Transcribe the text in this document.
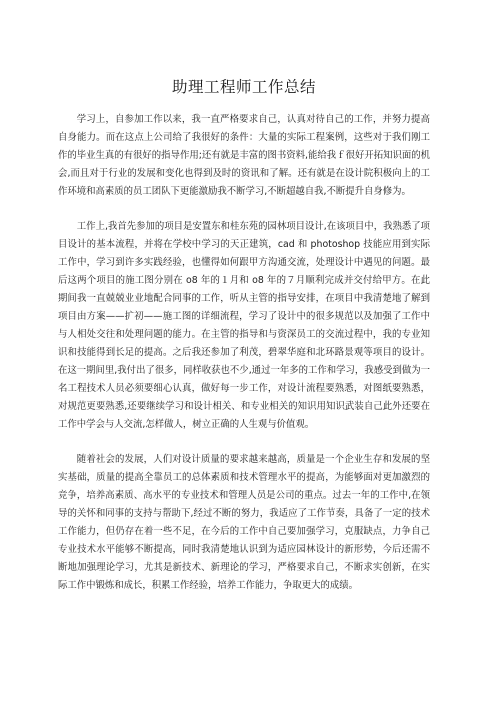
助理工程师工作总结

学习上，自参加工作以来，我一直严格要求自己，认真对待自己的工作，并努力提高自身能力。而在这点上公司给了我很好的条件：大量的实际工程案例，这些对于我们刚工作的毕业生真的有很好的指导作用;还有就是丰富的图书资料,能给我ｆ很好开拓知识面的机会,而且对于行业的发展和变化也得到及时的资讯和了解。还有就是在设计院积极向上的工作环境和高素质的员工团队下更能激励我不断学习,不断超越自我,不断提升自身修为。

工作上,我首先参加的项目是安置东和桂东苑的园林项目设计,在该项目中，我熟悉了项目设计的基本流程，并将在学校中学习的天正建筑，cad 和 photoshop 技能应用到实际工作中，学习到许多实践经验，也懂得如何跟甲方沟通交流，处理设计中遇见的问题。最后这两个项目的施工图分别在 o8 年的１月和 o8 年的７月顺利完成并交付给甲方。在此期间我一直兢兢业业地配合同事的工作，听从主管的指导安排，在项目中我清楚地了解到项目由方案——扩初——施工图的详细流程，学习了设计中的很多规范以及加强了工作中与人相处交往和处理问题的能力。在主管的指导和与资深员工的交流过程中，我的专业知识和技能得到长足的提高。之后我还参加了利茂，碧翠华庭和北环路景观等项目的设计。在这一期间里,我付出了很多，同样收获也不少,通过一年多的工作和学习，我感受到做为一名工程技术人员必须要细心认真，做好每一步工作，对设计流程要熟悉，对图纸要熟悉，对规范更要熟悉,还要继续学习和设计相关、和专业相关的知识用知识武装自己此外还要在工作中学会与人交流,怎样做人，树立正确的人生观与价值观。

随着社会的发展，人们对设计质量的要求越来越高，质量是一个企业生存和发展的坚实基础，质量的提高全靠员工的总体素质和技术管理水平的提高，为能够面对更加激烈的竞争，培养高素质、高水平的专业技术和管理人员是公司的重点。过去一年的工作中,在领导的关怀和同事的支持与帮助下,经过不断的努力，我适应了工作节奏，具备了一定的技术工作能力，但仍存在着一些不足，在今后的工作中自己要加强学习，克服缺点，力争自己专业技术水平能够不断提高，同时我清楚地认识到为适应园林设计的新形势，今后还需不断地加强理论学习，尤其是新技术、新理论的学习，严格要求自己，不断求实创新，在实际工作中锻炼和成长，积累工作经验，培养工作能力，争取更大的成绩。
